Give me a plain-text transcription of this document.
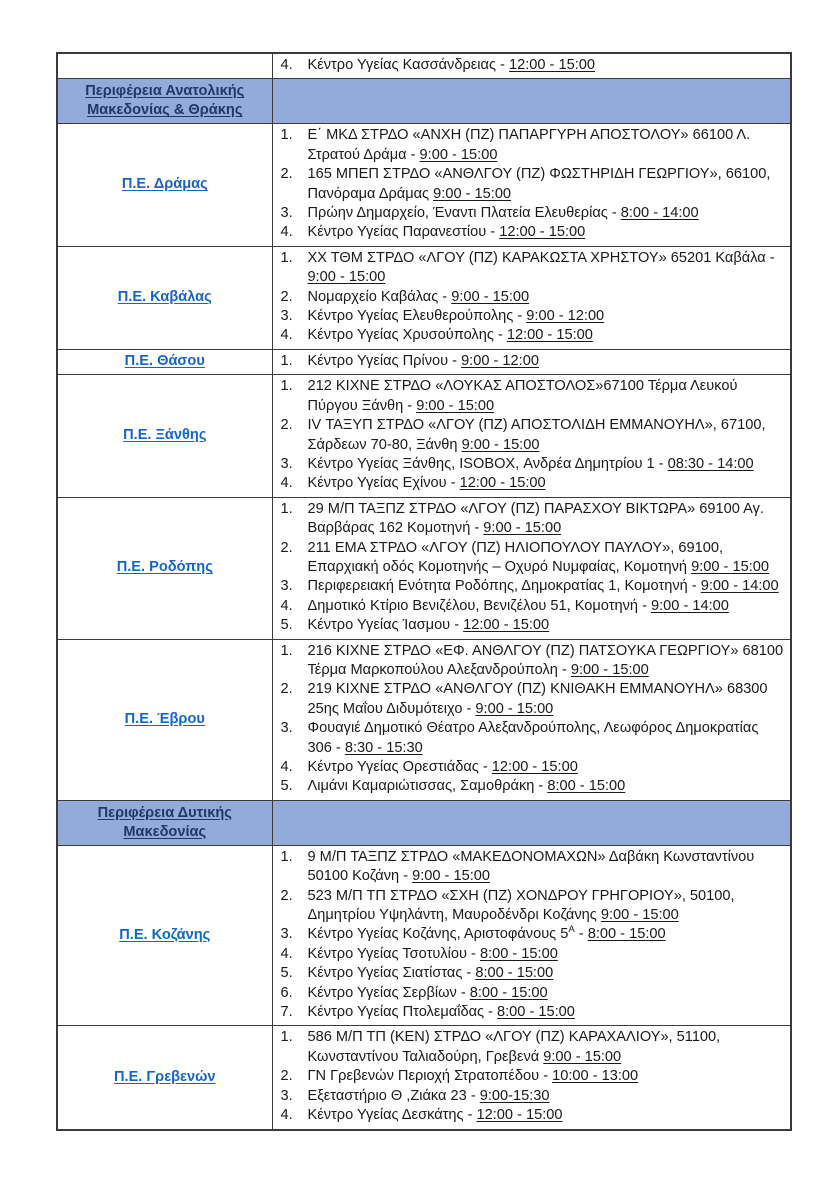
	4. Κέντρο Υγείας Κασσάνδρειας - 12:00 - 15:00

Περιφέρεια Ανατολικής Μακεδονίας & Θράκης	

Π.Ε. Δράμας	
1.	Ε΄ ΜΚΔ ΣΤΡΔΟ «ΑΝΧΗ (ΠΖ) ΠΑΠΑΡΓΥΡΗ ΑΠΟΣΤΟΛΟΥ» 66100 Λ. Στρατού Δράμα - 9:00 - 15:00
2.	165 ΜΠΕΠ ΣΤΡΔΟ «ΑΝΘΛΓΟΥ (ΠΖ) ΦΩΣΤΗΡΙΔΗ ΓΕΩΡΓΙΟΥ», 66100, Πανόραμα Δράμας 9:00 - 15:00
3.	Πρώην Δημαρχείο, Έναντι Πλατεία Ελευθερίας - 8:00 - 14:00
4.	Κέντρο Υγείας Παρανεστίου - 12:00 - 15:00

Π.Ε. Καβάλας	
1.	ΧΧ ΤΘΜ ΣΤΡΔΟ «ΛΓΟΥ (ΠΖ) ΚΑΡΑΚΩΣΤΑ ΧΡΗΣΤΟΥ» 65201 Καβάλα - 9:00 - 15:00
2.	Νομαρχείο Καβάλας - 9:00 - 15:00
3.	Κέντρο Υγείας Ελευθερούπολης - 9:00 - 12:00
4.	Κέντρο Υγείας Χρυσούπολης - 12:00 - 15:00

Π.Ε. Θάσου	1. Κέντρο Υγείας Πρίνου - 9:00 - 12:00

Π.Ε. Ξάνθης	
1.	212 ΚΙΧΝΕ ΣΤΡΔΟ «ΛΟΥΚΑΣ ΑΠΟΣΤΟΛΟΣ»67100 Τέρμα Λευκού Πύργου Ξάνθη - 9:00 - 15:00
2.	IV ΤΑΞΥΠ ΣΤΡΔΟ «ΛΓΟΥ (ΠΖ) ΑΠΟΣΤΟΛΙΔΗ ΕΜΜΑΝΟΥΗΛ», 67100, Σάρδεων 70-80, Ξάνθη 9:00 - 15:00
3.	Κέντρο Υγείας Ξάνθης, ISOBOX, Ανδρέα Δημητρίου 1 - 08:30 - 14:00
4.	Κέντρο Υγείας Εχίνου - 12:00 - 15:00

Π.Ε. Ροδόπης	
1.	29 Μ/Π ΤΑΞΠΖ ΣΤΡΔΟ «ΛΓΟΥ (ΠΖ) ΠΑΡΑΣΧΟΥ ΒΙΚΤΩΡΑ» 69100 Αγ. Βαρβάρας 162 Κομοτηνή - 9:00 - 15:00
2.	211 ΕΜΑ ΣΤΡΔΟ «ΛΓΟΥ (ΠΖ) ΗΛΙΟΠΟΥΛΟΥ ΠΑΥΛΟΥ», 69100, Επαρχιακή οδός Κομοτηνής – Οχυρό Νυμφαίας, Κομοτηνή 9:00 - 15:00
3.	Περιφερειακή Ενότητα Ροδόπης, Δημοκρατίας 1, Κομοτηνή - 9:00 - 14:00
4.	Δημοτικό Κτίριο Βενιζέλου, Βενιζέλου 51, Κομοτηνή - 9:00 - 14:00
5.	Κέντρο Υγείας Ίασμου - 12:00 - 15:00

Π.Ε. Έβρου	
1.	216 ΚΙΧΝΕ ΣΤΡΔΟ «ΕΦ. ΑΝΘΛΓΟΥ (ΠΖ) ΠΑΤΣΟΥΚΑ ΓΕΩΡΓΙΟΥ» 68100 Τέρμα Μαρκοπούλου Αλεξανδρούπολη - 9:00 - 15:00
2.	219 ΚΙΧΝΕ ΣΤΡΔΟ «ΑΝΘΛΓΟΥ (ΠΖ) ΚΝΙΘΑΚΗ ΕΜΜΑΝΟΥΗΛ» 68300 25ης Μαΐου Διδυμότειχο - 9:00 - 15:00
3.	Φουαγιέ Δημοτικό Θέατρο Αλεξανδρούπολης, Λεωφόρος Δημοκρατίας 306 - 8:30 - 15:30
4.	Κέντρο Υγείας Ορεστιάδας - 12:00 - 15:00
5.	Λιμάνι Καμαριώτισσας, Σαμοθράκη - 8:00 - 15:00

Περιφέρεια Δυτικής Μακεδονίας	

Π.Ε. Κοζάνης	
1.	9 Μ/Π ΤΑΞΠΖ ΣΤΡΔΟ «ΜΑΚΕΔΟΝΟΜΑΧΩΝ» Δαβάκη Κωνσταντίνου 50100 Κοζάνη - 9:00 - 15:00
2.	523 Μ/Π ΤΠ ΣΤΡΔΟ «ΣΧΗ (ΠΖ) ΧΟΝΔΡΟΥ ΓΡΗΓΟΡΙΟΥ», 50100, Δημητρίου Υψηλάντη, Μαυροδένδρι Κοζάνης 9:00 - 15:00
3.	Κέντρο Υγείας Κοζάνης, Αριστοφάνους $5^A$ - 8:00 - 15:00
4.	Κέντρο Υγείας Τσοτυλίου - 8:00 - 15:00
5.	Κέντρο Υγείας Σιατίστας - 8:00 - 15:00
6.	Κέντρο Υγείας Σερβίων - 8:00 - 15:00
7.	Κέντρο Υγείας Πτολεμαΐδας - 8:00 - 15:00

Π.Ε. Γρεβενών	
1.	586 Μ/Π ΤΠ (ΚΕΝ) ΣΤΡΔΟ «ΛΓΟΥ (ΠΖ) ΚΑΡΑΧΑΛΙΟΥ», 51100, Κωνσταντίνου Ταλιαδούρη, Γρεβενά 9:00 - 15:00
2.	ΓΝ Γρεβενών Περιοχή Στρατοπέδου - 10:00 - 13:00
3.	Εξεταστήριο Θ ,Ζιάκα 23 - 9:00-15:30
4.	Κέντρο Υγείας Δεσκάτης - 12:00 - 15:00
